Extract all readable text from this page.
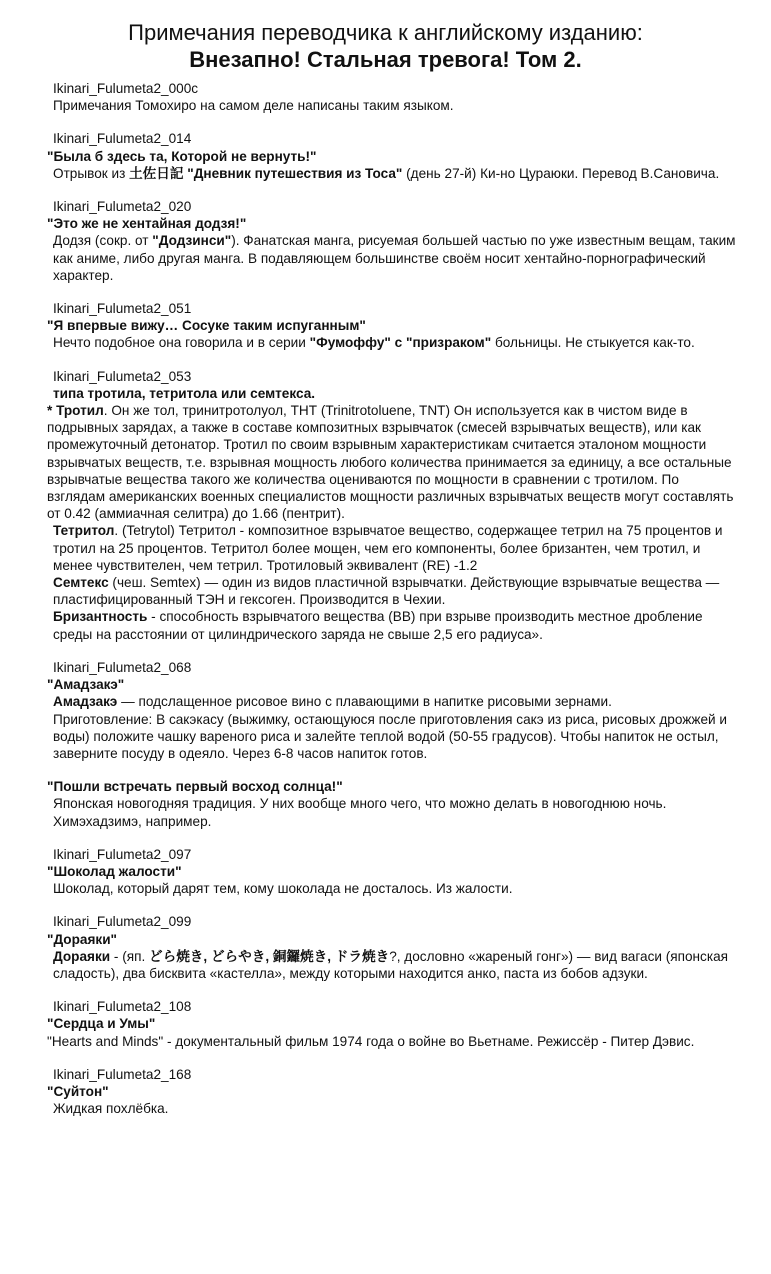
Примечания переводчика к английскому изданию:
Внезапно! Стальная тревога! Том 2.

Ikinari_Fulumeta2_000c

Примечания Томохиро на самом деле написаны таким языком.

Ikinari_Fulumeta2_014

"Была б здесь та, Которой не вернуть!"

Отрывок из 土佐日記 "Дневник путешествия из Тоса" (день 27-й) Ки-но Цураюки. Перевод В.Сановича.

Ikinari_Fulumeta2_020

"Это же не хентайная додзя!"

Додзя (сокр. от "Додзинси"). Фанатская манга, рисуемая большей частью по уже известным вещам, таким как аниме, либо другая манга. В подавляющем большинстве своём носит хентайно-порнографический характер.

Ikinari_Fulumeta2_051

"Я впервые вижу… Сосуке таким испуганным"

Нечто подобное она говорила и в серии "Фумоффу" с "призраком" больницы. Не стыкуется как-то.

Ikinari_Fulumeta2_053

типа тротила, тетритола или семтекса.

* Тротил. Он же тол, тринитротолуол, ТНТ (Trinitrotoluene, TNT) Он используется как в чистом виде в подрывных зарядах, а также в составе композитных взрывчаток (смесей взрывчатых веществ), или как промежуточный детонатор. Тротил по своим взрывным характеристикам считается эталоном мощности взрывчатых веществ, т.е. взрывная мощность любого количества принимается за единицу, а все остальные взрывчатые вещества такого же количества оцениваются по мощности в сравнении с тротилом. По взглядам американских военных специалистов мощности различных взрывчатых веществ могут составлять от 0.42 (аммиачная селитра) до 1.66 (пентрит).

Тетритол. (Tetrytol) Тетритол - композитное взрывчатое вещество, содержащее тетрил на 75 процентов и тротил на 25 процентов. Тетритол более мощен, чем его компоненты, более бризантен, чем тротил, и менее чувствителен, чем тетрил. Тротиловый эквивалент (RE) -1.2

Семтекс (чеш. Semtex) — один из видов пластичной взрывчатки. Действующие взрывчатые вещества — пластифицированный ТЭН и гексоген. Производится в Чехии.

Бризантность - способность взрывчатого вещества (ВВ) при взрыве производить местное дробление среды на расстоянии от цилиндрического заряда не свыше 2,5 его радиуса».

Ikinari_Fulumeta2_068

"Амадзакэ"

Амадзакэ — подслащенное рисовое вино с плавающими в напитке рисовыми зернами.

Приготовление: В сакэкасу (выжимку, остающуюся после приготовления сакэ из риса, рисовых дрожжей и воды) положите чашку вареного риса и залейте теплой водой (50-55 градусов). Чтобы напиток не остыл, заверните посуду в одеяло. Через 6-8 часов напиток готов.

"Пошли встречать первый восход солнца!"

Японская новогодняя традиция. У них вообще много чего, что можно делать в новогоднюю ночь. Химэхадзимэ, например.

Ikinari_Fulumeta2_097

"Шоколад жалости"

Шоколад, который дарят тем, кому шоколада не досталось. Из жалости.

Ikinari_Fulumeta2_099

"Дораяки"

Дораяки - (яп. どら焼き, どらやき, 銅鑼焼き, ドラ焼き?, дословно «жареный гонг») — вид вагаси (японская сладость), два бисквита «кастелла», между которыми находится анко, паста из бобов адзуки.

Ikinari_Fulumeta2_108

"Сердца и Умы"

"Hearts and Minds" - документальный фильм 1974 года о войне во Вьетнаме. Режиссёр - Питер Дэвис.

Ikinari_Fulumeta2_168

"Суйтон"

Жидкая похлёбка.
